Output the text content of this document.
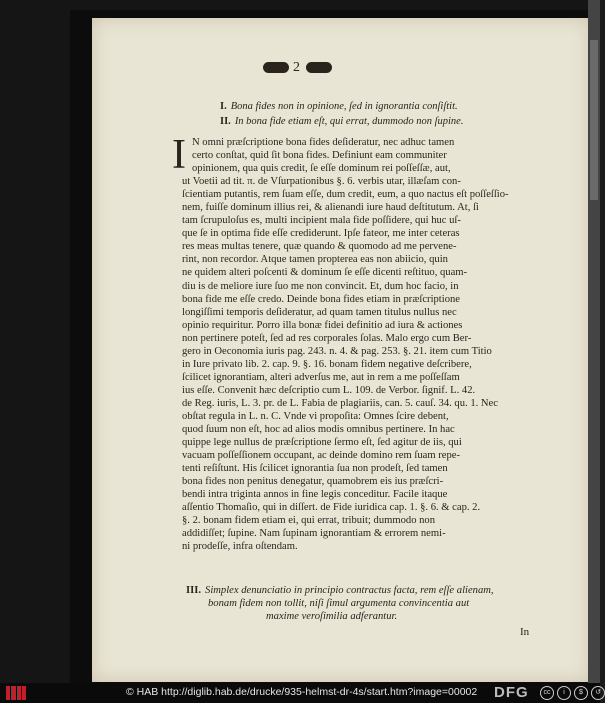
2
I. Bona fides non in opinione, ſed in ignorantia conſiſtit.
II. In bona fide etiam eſt, qui errat, dummodo non ſupine.
I N omni præſcriptione bona fides deſideratur, nec adhuc tamen
certo conſtat, quid ſit bona fides. Definiunt eam communiter
opinionem, qua quis credit, ſe eſſe dominum rei poſſeſſæ, aut,
ut Voetii ad tit. π. de Vſurpationibus §. 6. verbis utar, illæſam con-
ſcientiam putantis, rem ſuam eſſe, dum credit, eum, a quo nactus eſt poſſeſſio-
nem, fuiſſe dominum illius rei, & alienandi iure haud deſtitutum. At, ſi
tam ſcrupuloſus es, multi incipient mala fide poſſidere, qui huc uſ-
que ſe in optima fide eſſe crediderunt. Ipſe fateor, me inter ceteras
res meas multas tenere, quæ quando & quomodo ad me pervene-
rint, non recordor. Atque tamen propterea eas non abiicio, quin
ne quidem alteri poſcenti & dominum ſe eſſe dicenti reſtituo, quam-
diu is de meliore iure ſuo me non convincit. Et, dum hoc facio, in
bona fide me eſſe credo. Deinde bona fides etiam in præſcriptione
longiſſimi temporis deſideratur, ad quam tamen titulus nullus nec
opinio requiritur. Porro illa bonæ fidei definitio ad iura & actiones
non pertinere poteſt, ſed ad res corporales ſolas. Malo ergo cum Ber-
gero in Oeconomia iuris pag. 243. n. 4. & pag. 253. §. 21. item cum Titio
in Iure privato lib. 2. cap. 9. §. 16. bonam fidem negative deſcribere,
ſcilicet ignorantiam, alteri adverſus me, aut in rem a me poſſeſſam
ius eſſe. Convenit hæc deſcriptio cum L. 109. de Verbor. ſignif. L. 42.
de Reg. iuris, L. 3. pr. de L. Fabia de plagiariis, can. 5. cauſ. 34. qu. 1. Nec
obſtat regula in L. n. C. Vnde vi propoſita: Omnes ſcire debent,
quod ſuum non eſt, hoc ad alios modis omnibus pertinere. In hac
quippe lege nullus de præſcriptione ſermo eſt, ſed agitur de iis, qui
vacuam poſſeſſionem occupant, ac deinde domino rem ſuam repe-
tenti reſiſtunt. His ſcilicet ignorantia ſua non prodeſt, ſed tamen
bona fides non penitus denegatur, quamobrem eis ius præſcri-
bendi intra triginta annos in fine legis conceditur. Facile itaque
aſſentio Thomaſio, qui in diſſert. de Fide iuridica cap. 1. §. 6. & cap. 2.
§. 2. bonam fidem etiam ei, qui errat, tribuit; dummodo non
addidiſſet; ſupine. Nam ſupinam ignorantiam & errorem nemi-
ni prodeſſe, infra oſtendam.
III. Simplex denunciatio in principio contractus facta, rem eſſe alienam,
bonam fidem non tollit, niſi ſimul argumenta convincentia aut
maxime veroſimilia adferantur.
In
© HAB http://diglib.hab.de/drucke/935-helmst-dr-4s/start.htm?image=00002 DFG	cc	i	$	↺
